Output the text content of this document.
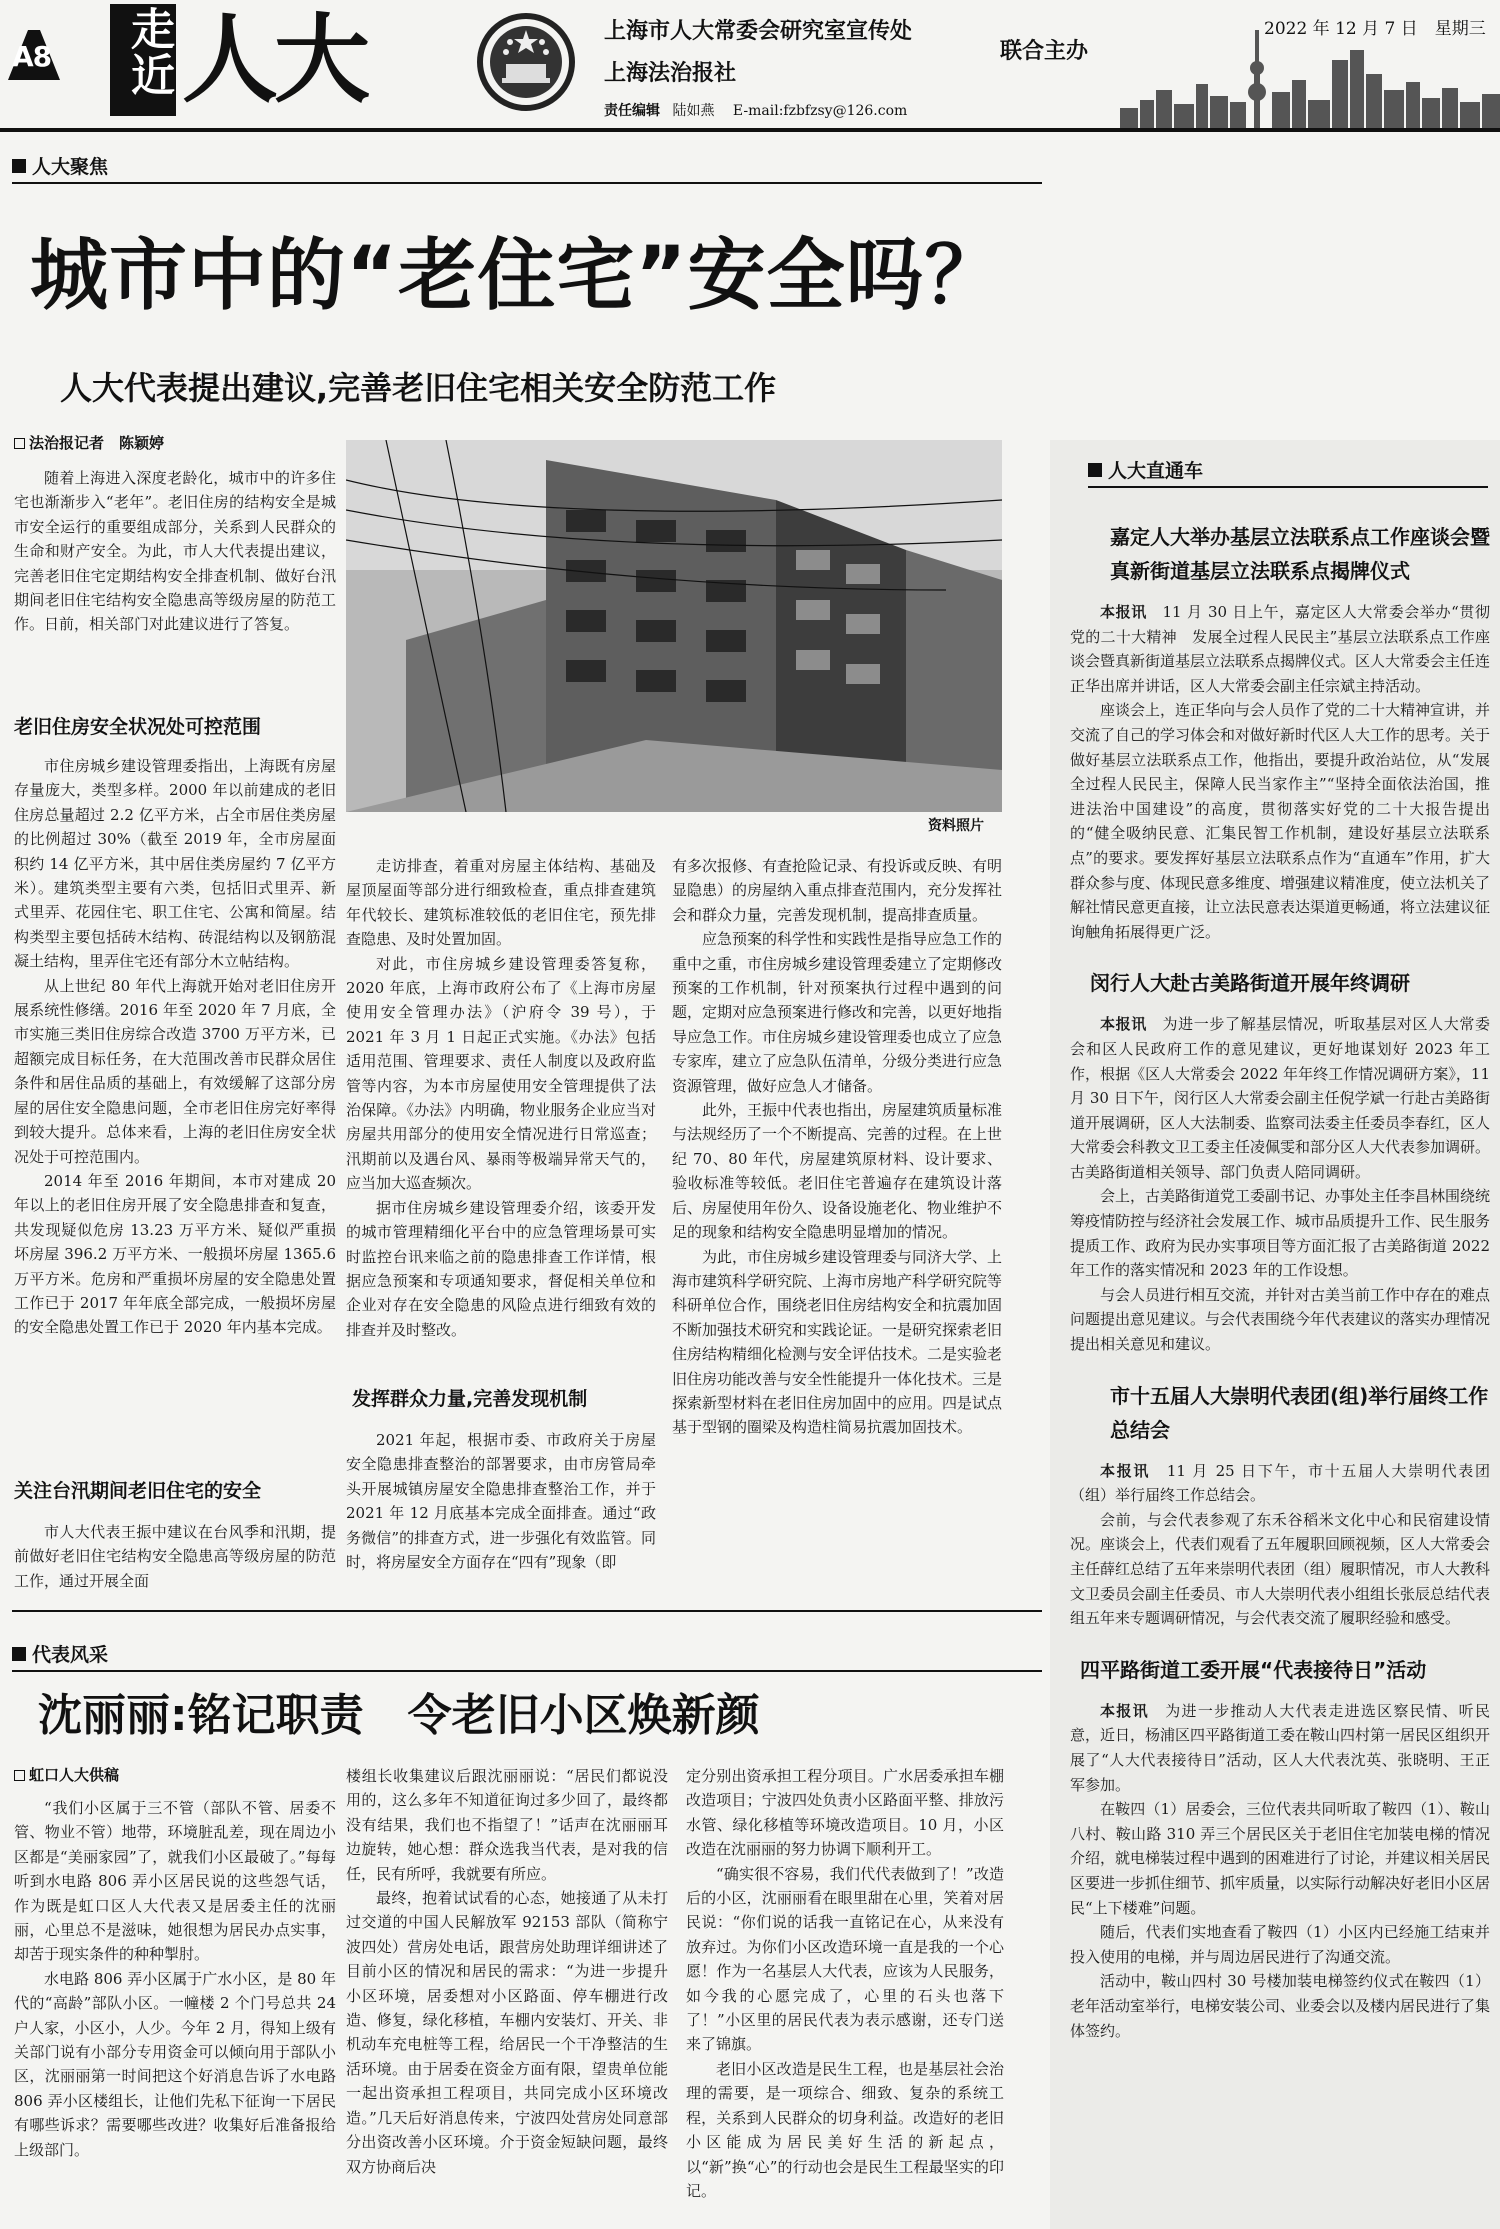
A8 走近 人大	上海市人大常委会研究室宣传处
上海法治报社
联合主办
2022 年 12 月 7 日　星期三
责任编辑 陆如燕 E-mail:fzbfzsy@126.com
人大聚焦
城市中的“老住宅”安全吗？
人大代表提出建议,完善老旧住宅相关安全防范工作
法治报记者　陈颖婷
资料照片

随着上海进入深度老龄化，城市中的许多住宅也渐渐步入“老年”。老旧住房的结构安全是城市安全运行的重要组成部分，关系到人民群众的生命和财产安全。为此，市人大代表提出建议，完善老旧住宅定期结构安全排查机制、做好台汛期间老旧住宅结构安全隐患高等级房屋的防范工作。日前，相关部门对此建议进行了答复。

老旧住房安全状况处可控范围

市住房城乡建设管理委指出，上海既有房屋存量庞大，类型多样。2000 年以前建成的老旧住房总量超过 2.2 亿平方米，占全市居住类房屋的比例超过 30%（截至 2019 年，全市房屋面积约 14 亿平方米，其中居住类房屋约 7 亿平方米）。建筑类型主要有六类，包括旧式里弄、新式里弄、花园住宅、职工住宅、公寓和简屋。结构类型主要包括砖木结构、砖混结构以及钢筋混凝土结构，里弄住宅还有部分木立帖结构。

从上世纪 80 年代上海就开始对老旧住房开展系统性修缮。2016 年至 2020 年 7 月底，全市实施三类旧住房综合改造 3700 万平方米，已超额完成目标任务，在大范围改善市民群众居住条件和居住品质的基础上，有效缓解了这部分房屋的居住安全隐患问题，全市老旧住房完好率得到较大提升。总体来看，上海的老旧住房安全状况处于可控范围内。

2014 年至 2016 年期间，本市对建成 20 年以上的老旧住房开展了安全隐患排查和复查，共发现疑似危房 13.23 万平方米、疑似严重损坏房屋 396.2 万平方米、一般损坏房屋 1365.6 万平方米。危房和严重损坏房屋的安全隐患处置工作已于 2017 年年底全部完成，一般损坏房屋的安全隐患处置工作已于 2020 年内基本完成。

关注台汛期间老旧住宅的安全

市人大代表王振中建议在台风季和汛期，提前做好老旧住宅结构安全隐患高等级房屋的防范工作，通过开展全面

走访排查，着重对房屋主体结构、基础及屋顶屋面等部分进行细致检查，重点排查建筑年代较长、建筑标准较低的老旧住宅，预先排查隐患、及时处置加固。

对此，市住房城乡建设管理委答复称，2020 年底，上海市政府公布了《上海市房屋使用安全管理办法》（沪府令 39 号），于 2021 年 3 月 1 日起正式实施。《办法》包括适用范围、管理要求、责任人制度以及政府监管等内容，为本市房屋使用安全管理提供了法治保障。《办法》内明确，物业服务企业应当对房屋共用部分的使用安全情况进行日常巡查；汛期前以及遇台风、暴雨等极端异常天气的，应当加大巡查频次。

据市住房城乡建设管理委介绍，该委开发的城市管理精细化平台中的应急管理场景可实时监控台讯来临之前的隐患排查工作详情，根据应急预案和专项通知要求，督促相关单位和企业对存在安全隐患的风险点进行细致有效的排查并及时整改。

发挥群众力量,完善发现机制

2021 年起，根据市委、市政府关于房屋安全隐患排查整治的部署要求，由市房管局牵头开展城镇房屋安全隐患排查整治工作，并于 2021 年 12 月底基本完成全面排查。通过“政务微信”的排查方式，进一步强化有效监管。同时，将房屋安全方面存在“四有”现象（即

有多次报修、有查抢险记录、有投诉或反映、有明显隐患）的房屋纳入重点排查范围内，充分发挥社会和群众力量，完善发现机制，提高排查质量。

应急预案的科学性和实践性是指导应急工作的重中之重，市住房城乡建设管理委建立了定期修改预案的工作机制，针对预案执行过程中遇到的问题，定期对应急预案进行修改和完善，以更好地指导应急工作。市住房城乡建设管理委也成立了应急专家库，建立了应急队伍清单，分级分类进行应急资源管理，做好应急人才储备。

此外，王振中代表也指出，房屋建筑质量标准与法规经历了一个不断提高、完善的过程。在上世纪 70、80 年代，房屋建筑原材料、设计要求、验收标准等较低。老旧住宅普遍存在建筑设计落后、房屋使用年份久、设备设施老化、物业维护不足的现象和结构安全隐患明显增加的情况。

为此，市住房城乡建设管理委与同济大学、上海市建筑科学研究院、上海市房地产科学研究院等科研单位合作，围绕老旧住房结构安全和抗震加固不断加强技术研究和实践论证。一是研究探索老旧住房结构精细化检测与安全评估技术。二是实验老旧住房功能改善与安全性能提升一体化技术。三是探索新型材料在老旧住房加固中的应用。四是试点基于型钢的圈梁及构造柱简易抗震加固技术。

代表风采
沈丽丽:铭记职责　令老旧小区焕新颜
虹口人大供稿

“我们小区属于三不管（部队不管、居委不管、物业不管）地带，环境脏乱差，现在周边小区都是“美丽家园”了，就我们小区最破了。”每每听到水电路 806 弄小区居民说的这些怨气话，作为既是虹口区人大代表又是居委主任的沈丽丽，心里总不是滋味，她很想为居民办点实事，却苦于现实条件的种种掣肘。

水电路 806 弄小区属于广水小区，是 80 年代的“高龄”部队小区。一幢楼 2 个门号总共 24 户人家，小区小，人少。今年 2 月，得知上级有关部门说有小部分专用资金可以倾向用于部队小区，沈丽丽第一时间把这个好消息告诉了水电路 806 弄小区楼组长，让他们先私下征询一下居民有哪些诉求？需要哪些改进？收集好后准备报给上级部门。

楼组长收集建议后跟沈丽丽说：“居民们都说没用的，这么多年不知道征询过多少回了，最终都没有结果，我们也不指望了！”话声在沈丽丽耳边旋转，她心想：群众选我当代表，是对我的信任，民有所呼，我就要有所应。

最终，抱着试试看的心态，她接通了从未打过交道的中国人民解放军 92153 部队（简称宁波四处）营房处电话，跟营房处助理详细讲述了目前小区的情况和居民的需求：“为进一步提升小区环境，居委想对小区路面、停车棚进行改造、修复，绿化移植，车棚内安装灯、开关、非机动车充电桩等工程，给居民一个干净整洁的生活环境。由于居委在资金方面有限，望贵单位能一起出资承担工程项目，共同完成小区环境改造。”几天后好消息传来，宁波四处营房处同意部分出资改善小区环境。介于资金短缺问题，最终双方协商后决

定分别出资承担工程分项目。广水居委承担车棚改造项目；宁波四处负责小区路面平整、排放污水管、绿化移植等环境改造项目。10 月，小区改造在沈丽丽的努力协调下顺利开工。

“确实很不容易，我们代代表做到了！”改造后的小区，沈丽丽看在眼里甜在心里，笑着对居民说：“你们说的话我一直铭记在心，从来没有放弃过。为你们小区改造环境一直是我的一个心愿！作为一名基层人大代表，应该为人民服务，如今我的心愿完成了，心里的石头也落下了！”小区里的居民代表为表示感谢，还专门送来了锦旗。

老旧小区改造是民生工程，也是基层社会治理的需要，是一项综合、细致、复杂的系统工程，关系到人民群众的切身利益。改造好的老旧小区能成为居民美好生活的新起点，以“新”换“心”的行动也会是民生工程最坚实的印记。

人大直通车
嘉定人大举办基层立法联系点工作座谈会暨真新街道基层立法联系点揭牌仪式

本报讯　 11 月 30 日上午，嘉定区人大常委会举办“贯彻党的二十大精神　发展全过程人民民主”基层立法联系点工作座谈会暨真新街道基层立法联系点揭牌仪式。区人大常委会主任连正华出席并讲话，区人大常委会副主任宗斌主持活动。

座谈会上，连正华向与会人员作了党的二十大精神宣讲，并交流了自己的学习体会和对做好新时代区人大工作的思考。关于做好基层立法联系点工作，他指出，要提升政治站位，从“发展全过程人民民主，保障人民当家作主”“坚持全面依法治国，推进法治中国建设”的高度，贯彻落实好党的二十大报告提出的“健全吸纳民意、汇集民智工作机制，建设好基层立法联系点”的要求。要发挥好基层立法联系点作为“直通车”作用，扩大群众参与度、体现民意多维度、增强建议精准度，使立法机关了解社情民意更直接，让立法民意表达渠道更畅通，将立法建议征询触角拓展得更广泛。

闵行人大赴古美路街道开展年终调研

本报讯　 为进一步了解基层情况，听取基层对区人大常委会和区人民政府工作的意见建议，更好地谋划好 2023 年工作，根据《区人大常委会 2022 年年终工作情况调研方案》，11 月 30 日下午，闵行区人大常委会副主任倪学斌一行赴古美路街道开展调研，区人大法制委、监察司法委主任委员李春红，区人大常委会科教文卫工委主任凌佩雯和部分区人大代表参加调研。古美路街道相关领导、部门负责人陪同调研。

会上，古美路街道党工委副书记、办事处主任李昌林围绕统筹疫情防控与经济社会发展工作、城市品质提升工作、民生服务提质工作、政府为民办实事项目等方面汇报了古美路街道 2022 年工作的落实情况和 2023 年的工作设想。

与会人员进行相互交流，并针对古美当前工作中存在的难点问题提出意见建议。与会代表围绕今年代表建议的落实办理情况提出相关意见和建议。

市十五届人大崇明代表团(组)举行届终工作总结会

本报讯　 11 月 25 日下午，市十五届人大崇明代表团（组）举行届终工作总结会。

会前，与会代表参观了东禾谷稻米文化中心和民宿建设情况。座谈会上，代表们观看了五年履职回顾视频，区人大常委会主任薛红总结了五年来崇明代表团（组）履职情况，市人大教科文卫委员会副主任委员、市人大崇明代表小组组长张辰总结代表组五年来专题调研情况，与会代表交流了履职经验和感受。

四平路街道工委开展“代表接待日”活动

本报讯　 为进一步推动人大代表走进选区察民情、听民意，近日，杨浦区四平路街道工委在鞍山四村第一居民区组织开展了“人大代表接待日”活动，区人大代表沈英、张晓明、王正军参加。

在鞍四（1）居委会，三位代表共同听取了鞍四（1）、鞍山八村、鞍山路 310 弄三个居民区关于老旧住宅加装电梯的情况介绍，就电梯装过程中遇到的困难进行了讨论，并建议相关居民区要进一步抓住细节、抓牢质量，以实际行动解决好老旧小区居民“上下楼难”问题。

随后，代表们实地查看了鞍四（1）小区内已经施工结束并投入使用的电梯，并与周边居民进行了沟通交流。

活动中，鞍山四村 30 号楼加装电梯签约仪式在鞍四（1）老年活动室举行，电梯安装公司、业委会以及楼内居民进行了集体签约。
